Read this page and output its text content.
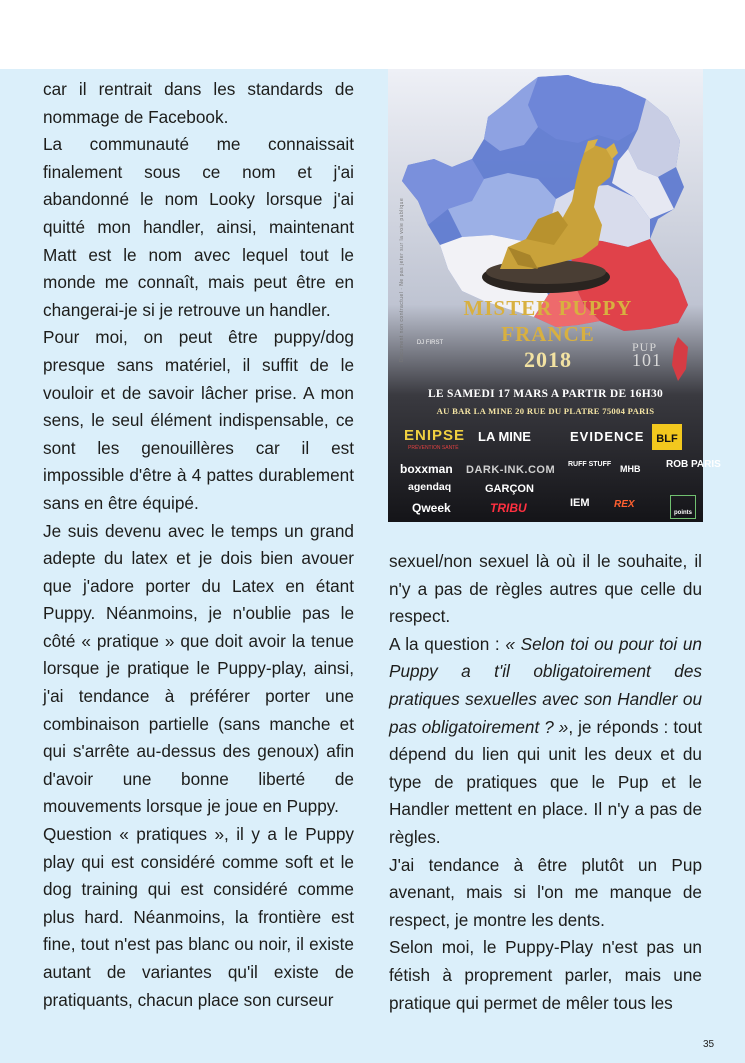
car il rentrait dans les standards de nommage de Facebook.

La communauté me connaissait finalement sous ce nom et j'ai abandonné le nom Looky lorsque j'ai quitté mon handler, ainsi, maintenant Matt est le nom avec lequel tout le monde me connaît, mais peut être en changerai-je si je retrouve un handler.

Pour moi, on peut être puppy/dog presque sans matériel, il suffit de le vouloir et de savoir lâcher prise. A mon sens, le seul élément indispensable, ce sont les genouillères car il est impossible d'être à 4 pattes durablement sans en être équipé.

Je suis devenu avec le temps un grand adepte du latex et je dois bien avouer que j'adore porter du Latex en étant Puppy. Néanmoins, je n'oublie pas le côté « pratique » que doit avoir la tenue lorsque je pratique le Puppy-play, ainsi, j'ai tendance à préférer porter une combinaison partielle (sans manche et qui s'arrête au-dessus des genoux) afin d'avoir une bonne liberté de mouvements lorsque je joue en Puppy.

Question « pratiques », il y a le Puppy play qui est considéré comme soft et le dog training qui est considéré comme plus hard. Néanmoins, la frontière est fine, tout n'est pas blanc ou noir, il existe autant de variantes qu'il existe de pratiquants, chacun place son curseur

Document non contractuel · Ne pas jeter sur la voie publique	DJ FIRST
MISTER PUPPY
FRANCE
2018	PUP
101
LE SAMEDI 17 MARS A PARTIR DE 16H30
AU BAR LA MINE 20 RUE DU PLATRE 75004 PARIS
ENIPSE
PRÉVENTION SANTÉ
LA MINE	EVIDENCE	BLF
boxxman
agendaq
DARK-INK.COM
GARÇON
RUFF STUFF MHB	ROB PARIS
Qweek	TRIBU	IEM REX
points

sexuel/non sexuel là où il le souhaite, il n'y a pas de règles autres que celle du respect.

A la question : « Selon toi ou pour toi un Puppy a t'il obligatoirement des pratiques sexuelles avec son Handler ou pas obligatoirement ? », je réponds : tout dépend du lien qui unit les deux et du type de pratiques que le Pup et le Handler mettent en place. Il n'y a pas de règles.

J'ai tendance à être plutôt un Pup avenant, mais si l'on me manque de respect, je montre les dents.

Selon moi, le Puppy-Play n'est pas un fétish à proprement parler, mais une pratique qui permet de mêler tous les

35
